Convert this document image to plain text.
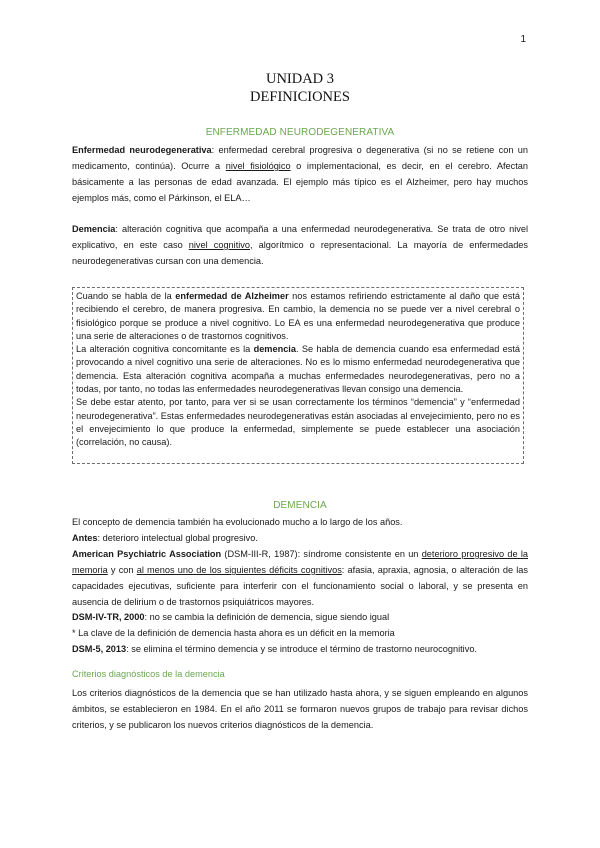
1
UNIDAD 3
DEFINICIONES
ENFERMEDAD NEURODEGENERATIVA

Enfermedad neurodegenerativa: enfermedad cerebral progresiva o degenerativa (si no se retiene con un medicamento, continúa). Ocurre a nivel fisiológico o implementacional, es decir, en el cerebro. Afectan básicamente a las personas de edad avanzada. El ejemplo más típico es el Alzheimer, pero hay muchos ejemplos más, como el Párkinson, el ELA…

Demencia: alteración cognitiva que acompaña a una enfermedad neurodegenerativa. Se trata de otro nivel explicativo, en este caso nivel cognitivo, algorítmico o representacional. La mayoría de enfermedades neurodegenerativas cursan con una demencia.

Cuando se habla de la enfermedad de Alzheimer nos estamos refiriendo estrictamente al daño que está recibiendo el cerebro, de manera progresiva. En cambio, la demencia no se puede ver a nivel cerebral o fisiológico porque se produce a nivel cognitivo. Lo EA es una enfermedad neurodegenerativa que produce una serie de alteraciones o de trastornos cognitivos.

La alteración cognitiva concomitante es la demencia. Se habla de demencia cuando esa enfermedad está provocando a nivel cognitivo una serie de alteraciones. No es lo mismo enfermedad neurodegenerativa que demencia. Esta alteración cognitiva acompaña a muchas enfermedades neurodegenerativas, pero no a todas, por tanto, no todas las enfermedades neurodegenerativas llevan consigo una demencia.

Se debe estar atento, por tanto, para ver si se usan correctamente los términos “demencia” y “enfermedad neurodegenerativa”. Estas enfermedades neurodegenerativas están asociadas al envejecimiento, pero no es el envejecimiento lo que produce la enfermedad, simplemente se puede establecer una asociación (correlación, no causa).

DEMENCIA

El concepto de demencia también ha evolucionado mucho a lo largo de los años.

Antes: deterioro intelectual global progresivo.

American Psychiatric Association (DSM-III-R, 1987): síndrome consistente en un deterioro progresivo de la memoria y con al menos uno de los siguientes déficits cognitivos: afasia, apraxia, agnosia, o alteración de las capacidades ejecutivas, suficiente para interferir con el funcionamiento social o laboral, y se presenta en ausencia de delirium o de trastornos psiquiátricos mayores.

DSM-IV-TR, 2000: no se cambia la definición de demencia, sigue siendo igual

* La clave de la definición de demencia hasta ahora es un déficit en la memoria

DSM-5, 2013: se elimina el término demencia y se introduce el término de trastorno neurocognitivo.

Criterios diagnósticos de la demencia

Los criterios diagnósticos de la demencia que se han utilizado hasta ahora, y se siguen empleando en algunos ámbitos, se establecieron en 1984. En el año 2011 se formaron nuevos grupos de trabajo para revisar dichos criterios, y se publicaron los nuevos criterios diagnósticos de la demencia.
